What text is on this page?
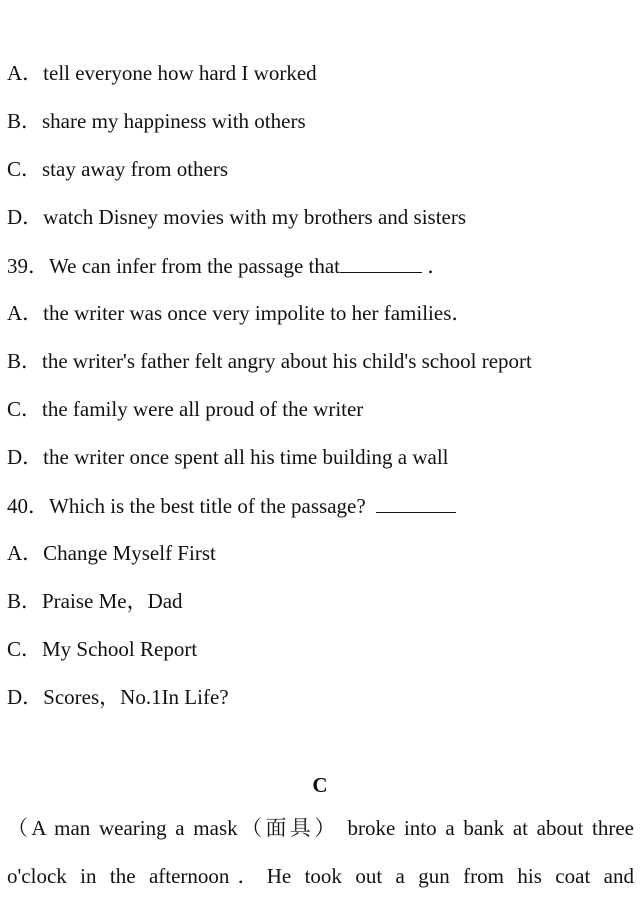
A．tell everyone how hard I worked
B．share my happiness with others
C．stay away from others
D．watch Disney movies with my brothers and sisters
39．We can infer from the passage that	．
A．the writer was once very impolite to her families．
B．the writer's father felt angry about his child's school report
C．the family were all proud of the writer
D．the writer once spent all his time building a wall
40．Which is the best title of the passage?
A．Change Myself First
B．Praise Me，Dad
C．My School Report
D．Scores，No.1In Life?
C
（A man wearing a mask（面具） broke into a bank at about three
o'clock in the afternoon．He took out a gun from his coat and
